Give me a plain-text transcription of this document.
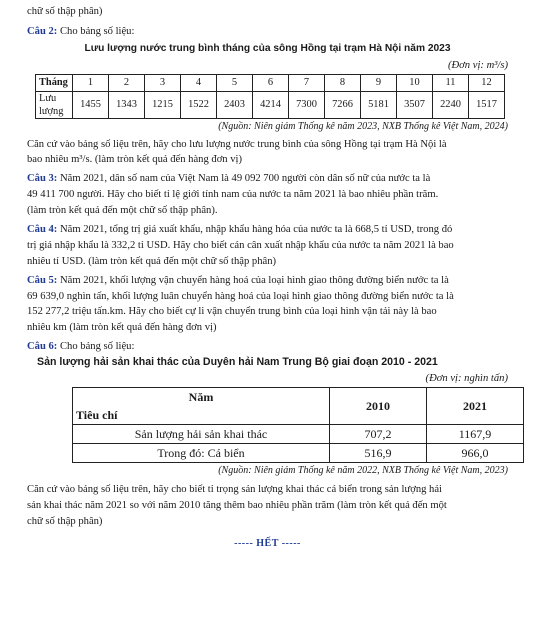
chữ số thập phân)

Câu 2: Cho bảng số liệu:

Lưu lượng nước trung bình tháng của sông Hồng tại trạm Hà Nội năm 2023

(Đơn vị: m³/s)

Tháng	1	2	3	4	5	6	7	8	9	10	11	12
Lưu lượng	1455	1343	1215	1522	2403	4214	7300	7266	5181	3507	2240	1517

(Nguồn: Niên giám Thống kê năm 2023, NXB Thống kê Việt Nam, 2024)

Căn cứ vào bảng số liệu trên, hãy cho lưu lượng nước trung bình của sông Hồng tại trạm Hà Nội là

bao nhiêu m³/s. (làm tròn kết quả đến hàng đơn vị)

Câu 3: Năm 2021, dân số nam của Việt Nam là 49 092 700 người còn dân số nữ của nước ta là

49 411 700 người. Hãy cho biết tỉ lệ giới tính nam của nước ta năm 2021 là bao nhiêu phần trăm.

(làm tròn kết quả đến một chữ số thập phân).

Câu 4: Năm 2021, tổng trị giá xuất khẩu, nhập khẩu hàng hóa của nước ta là 668,5 tỉ USD, trong đó

trị giá nhập khẩu là 332,2 tỉ USD. Hãy cho biết cán cân xuất nhập khẩu của nước ta năm 2021 là bao

nhiêu tỉ USD. (làm tròn kết quả đến một chữ số thập phân)

Câu 5: Năm 2021, khối lượng vận chuyển hàng hoá của loại hình giao thông đường biển nước ta là

69 639,0 nghìn tấn, khối lượng luân chuyển hàng hoá của loại hình giao thông đường biển nước ta là

152 277,2 triệu tấn.km. Hãy cho biết cự li vận chuyển trung bình của loại hình vận tải này là bao

nhiêu km (làm tròn kết quả đến hàng đơn vị)

Câu 6: Cho bảng số liệu:

Sản lượng hải sản khai thác của Duyên hải Nam Trung Bộ giai đoạn 2010 - 2021

(Đơn vị: nghìn tấn)

Năm	2010	2021
Tiêu chí		
Sản lượng hải sản khai thác	707,2	1167,9
Trong đó: Cá biển	516,9	966,0

(Nguồn: Niên giám Thống kê năm 2022, NXB Thống kê Việt Nam, 2023)

Căn cứ vào bảng số liệu trên, hãy cho biết tỉ trọng sản lượng khai thác cá biển trong sản lượng hải

sản khai thác năm 2021 so với năm 2010 tăng thêm bao nhiêu phần trăm (làm tròn kết quả đến một

chữ số thập phân)

----- HẾT -----
